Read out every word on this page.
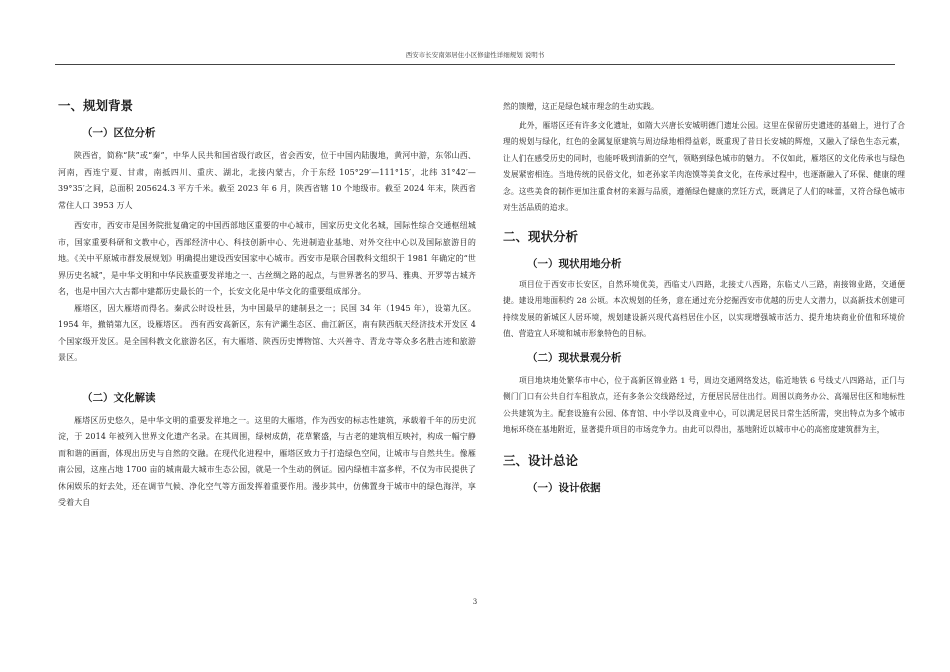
西安市长安南郊居住小区修建性详细规划 说明书
一、规划背景
（一）区位分析

陕西省，简称“陕”或“秦”，中华人民共和国省级行政区，省会西安，位于中国内陆腹地，黄河中游，东邻山西、河南，西连宁夏、甘肃，南抵四川、重庆、湖北，北接内蒙古，介于东经 105°29′—111°15′，北纬 31°42′—39°35′之间，总面积 205624.3 平方千米。截至 2023 年 6 月，陕西省辖 10 个地级市。截至 2024 年末，陕西省常住人口 3953 万人

西安市，西安市是国务院批复确定的中国西部地区重要的中心城市，国家历史文化名城，国际性综合交通枢纽城市，国家重要科研和文教中心，西部经济中心、科技创新中心、先进制造业基地、对外交往中心以及国际旅游目的地。《关中平原城市群发展规划》明确提出建设西安国家中心城市。西安市是联合国教科文组织于 1981 年确定的“世界历史名城”，是中华文明和中华民族重要发祥地之一、古丝绸之路的起点，与世界著名的罗马、雅典、开罗等古城齐名，也是中国六大古都中建都历史最长的一个，长安文化是中华文化的重要组成部分。

雁塔区，因大雁塔而得名。秦武公时设杜县，为中国最早的建制县之一；民国 34 年（1945 年），设第九区。1954 年，撤销第九区，设雁塔区。 西有西安高新区，东有浐灞生态区、曲江新区，南有陕西航天经济技术开发区 4 个国家级开发区。是全国科教文化旅游名区，有大雁塔、陕西历史博物馆、大兴善寺、青龙寺等众多名胜古迹和旅游景区。

（二）文化解读

雁塔区历史悠久，是中华文明的重要发祥地之一。这里的大雁塔，作为西安的标志性建筑，承载着千年的历史沉淀，于 2014 年被列入世界文化遗产名录。在其周围，绿树成荫，花草繁盛，与古老的建筑相互映衬，构成一幅宁静而和谐的画面，体现出历史与自然的交融。在现代化进程中，雁塔区致力于打造绿色空间，让城市与自然共生。像雁南公园，这座占地 1700 亩的城南最大城市生态公园，就是一个生动的例证。园内绿植丰富多样，不仅为市民提供了休闲娱乐的好去处，还在调节气候、净化空气等方面发挥着重要作用。漫步其中，仿佛置身于城市中的绿色海洋，享受着大自

然的馈赠，这正是绿色城市理念的生动实践。

此外，雁塔区还有许多文化遗址，如隋大兴唐长安城明德门遗址公园。这里在保留历史遗迹的基础上，进行了合理的规划与绿化，红色的金属复原建筑与周边绿地相得益彰，既重现了昔日长安城的辉煌，又融入了绿色生态元素，让人们在感受历史的同时，也能呼吸到清新的空气，领略到绿色城市的魅力。 不仅如此，雁塔区的文化传承也与绿色发展紧密相连。当地传统的民俗文化，如老孙家羊肉泡馍等美食文化，在传承过程中，也逐渐融入了环保、健康的理念。这些美食的制作更加注重食材的来源与品质，遵循绿色健康的烹饪方式，既满足了人们的味蕾，又符合绿色城市对生活品质的追求。

二、现状分析
（一）现状用地分析

项目位于西安市长安区，自然环境优美，西临丈八四路，北接丈八西路，东临丈八三路，南接锦业路，交通便捷。建设用地面积约 28 公顷。本次规划的任务，意在通过充分挖掘西安市优越的历史人文潜力，以高新技术创建可持续发展的新城区人居环境，规划建设新兴现代高档居住小区，以实现增强城市活力、提升地块商业价值和环境价值、营造宜人环境和城市形象特色的目标。

（二）现状景观分析

项目地块地处繁华市中心，位于高新区锦业路 1 号，周边交通网络发达，临近地铁 6 号线丈八四路站，正门与侧门门口有公共自行车租放点，还有多条公交线路经过，方便居民居住出行。周围以商务办公、高端居住区和地标性公共建筑为主。配套设施有公园、体育馆、中小学以及商业中心，可以满足居民日常生活所需，突出特点为多个城市地标环绕在基地附近，显著提升项目的市场竞争力。由此可以得出，基地附近以城市中心的高密度建筑群为主，

三、设计总论
（一）设计依据
3
